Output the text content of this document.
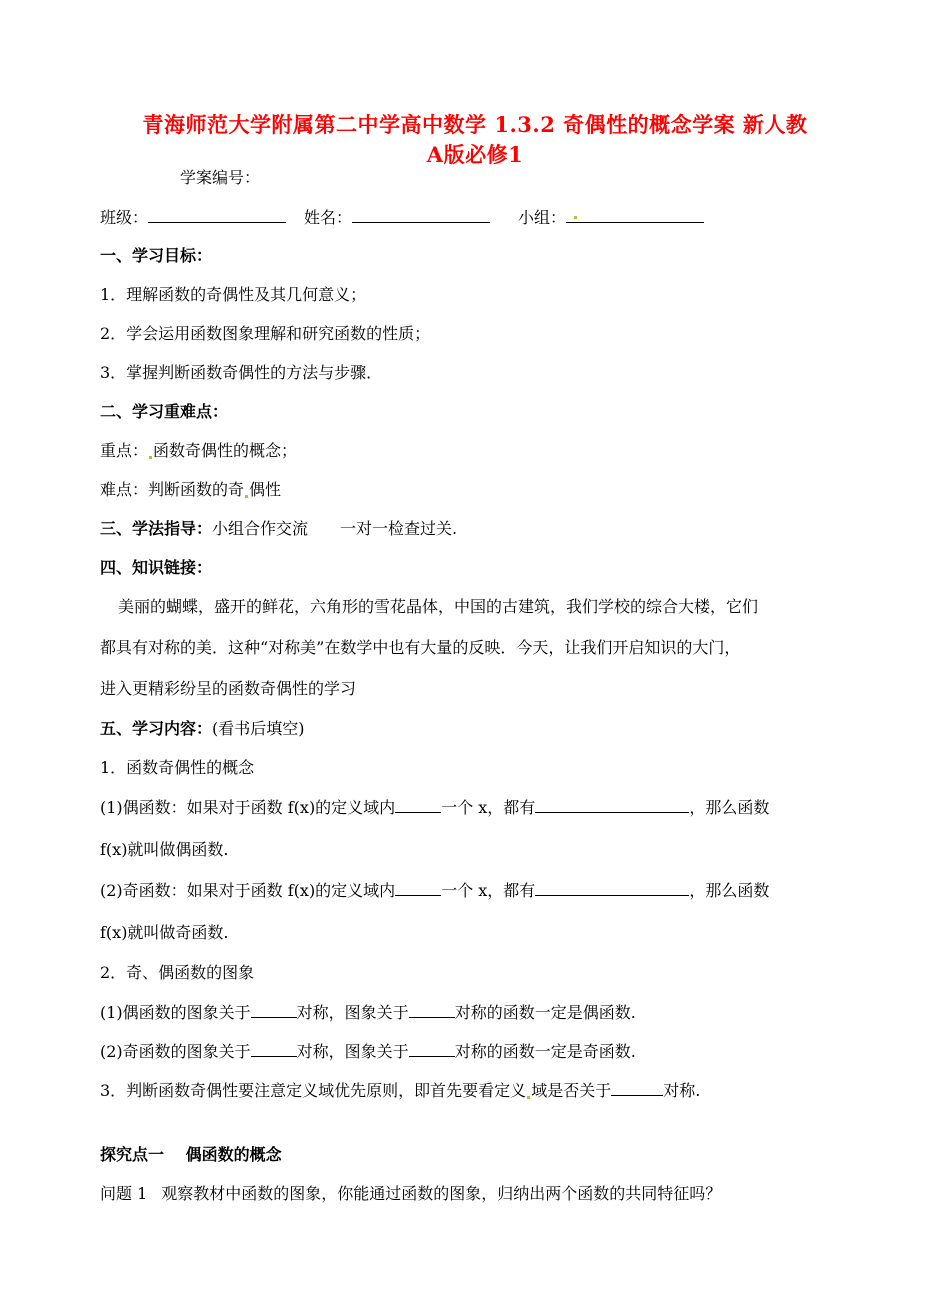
青海师范大学附属第二中学高中数学 1.3.2 奇偶性的概念学案 新人教
A版必修1
学案编号：
班级：	姓名：	小组：
一、学习目标：
1．理解函数的奇偶性及其几何意义；
2．学会运用函数图象理解和研究函数的性质；
3．掌握判断函数奇偶性的方法与步骤．
二、学习重难点：
重点： 函数奇偶性的概念；
难点：判断函数的奇 偶性
三、学法指导：小组合作交流　　一对一检查过关.
四、知识链接：
美丽的蝴蝶，盛开的鲜花，六角形的雪花晶体，中国的古建筑，我们学校的综合大楼，它们
都具有对称的美．这种“对称美”在数学中也有大量的反映．今天，让我们开启知识的大门，
进入更精彩纷呈的函数奇偶性的学习
五、学习内容：(看书后填空)
1．函数奇偶性的概念
(1)偶函数：如果对于函数 f(x)的定义域内	一个 x，都有	，那么函数
f(x)就叫做偶函数.
(2)奇函数：如果对于函数 f(x)的定义域内	一个 x，都有	，那么函数
f(x)就叫做奇函数.
2．奇、偶函数的图象
(1)偶函数的图象关于	对称，图象关于	对称的函数一定是偶函数.
(2)奇函数的图象关于	对称，图象关于	对称的函数一定是奇函数.
3．判断函数奇偶性要注意定义域优先原则，即首先要看定义 域是否关于	对称.
探究点一　 偶函数的概念
问题 1 观察教材中函数的图象，你能通过函数的图象，归纳出两个函数的共同特征吗？
